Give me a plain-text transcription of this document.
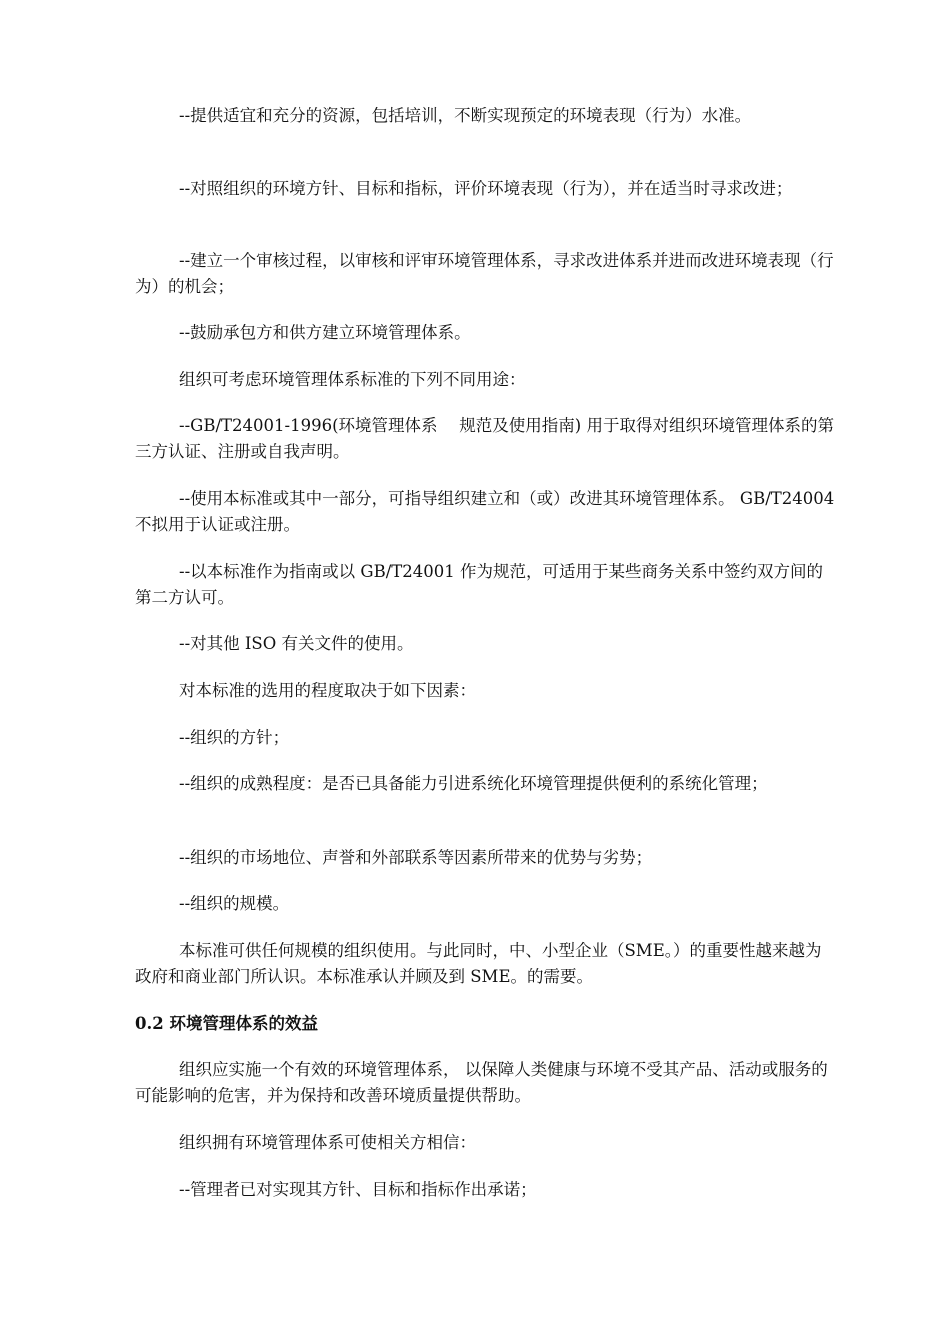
--提供适宜和充分的资源，包括培训，不断实现预定的环境表现（行为）水准。

--对照组织的环境方针、目标和指标，评价环境表现（行为），并在适当时寻求改进；

--建立一个审核过程，以审核和评审环境管理体系，寻求改进体系并进而改进环境表现（行为）的机会；

--鼓励承包方和供方建立环境管理体系。

组织可考虑环境管理体系标准的下列不同用途：

--GB/T24001-1996(环境管理体系　 规范及使用指南) 用于取得对组织环境管理体系的第三方认证、注册或自我声明。

--使用本标准或其中一部分，可指导组织建立和（或）改进其环境管理体系。 GB/T24004 不拟用于认证或注册。

--以本标准作为指南或以 GB/T24001 作为规范，可适用于某些商务关系中签约双方间的第二方认可。

--对其他 ISO 有关文件的使用。

对本标准的选用的程度取决于如下因素：

--组织的方针；

--组织的成熟程度：是否已具备能力引进系统化环境管理提供便利的系统化管理；

--组织的市场地位、声誉和外部联系等因素所带来的优势与劣势；

--组织的规模。

本标准可供任何规模的组织使用。与此同时，中、小型企业（SME。）的重要性越来越为政府和商业部门所认识。本标准承认并顾及到 SME。的需要。

0.2 环境管理体系的效益

组织应实施一个有效的环境管理体系， 以保障人类健康与环境不受其产品、活动或服务的可能影响的危害，并为保持和改善环境质量提供帮助。

组织拥有环境管理体系可使相关方相信：

--管理者已对实现其方针、目标和指标作出承诺；
